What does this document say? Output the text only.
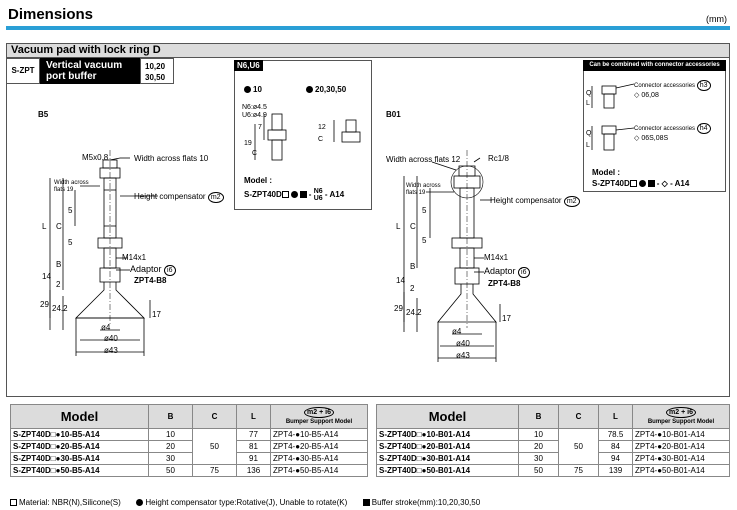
Dimensions	(mm)
Vacuum pad with lock ring D
S-ZPT	Vertical vacuum
port buffer
10,20
30,50
B5
M5x0.8	Width across flats 10
Width across
flats 19
Height compensator m2
M14x1
Adaptor i6
ZPT4-B8
L C
5
5
B
14
2
29 24.2
17
ø4
ø40
ø43
N6,U6
10	20,30,50
N6:ø4.5
U6:ø4.9
7
19
C
C
12
Model :
S-ZPT40D	- N6
U6 - A14
B01
Rc1/8
Width across flats 12
Width across
flats 19
Height compensator m2
M14x1
Adaptor i6
ZPT4-B8
L C
5
5
B
14
2
29 24.2
17
ø4
ø40
ø43
Can be combined with connector accessories
Q
L
Q
L
Connector accessories h3
◇ 06,08
Connector accessories h4
◇ 06S,08S
Model :
S-ZPT40D	- ◇ - A14
Model	B	C	L	m2 + i6
Bumper Support Model
S-ZPT40D□●10-B5-A14	10	50	77	ZPT4-●10-B5-A14
S-ZPT40D□●20-B5-A14	20		81	ZPT4-●20-B5-A14
S-ZPT40D□●30-B5-A14	30		91	ZPT4-●30-B5-A14
S-ZPT40D□●50-B5-A14	50	75	136	ZPT4-●50-B5-A14
Model	B	C	L	m2 + i6
Bumper Support Model
S-ZPT40D□●10-B01-A14	10	50	78.5	ZPT4-●10-B01-A14
S-ZPT40D□●20-B01-A14	20		84	ZPT4-●20-B01-A14
S-ZPT40D□●30-B01-A14	30		94	ZPT4-●30-B01-A14
S-ZPT40D□●50-B01-A14	50	75	139	ZPT4-●50-B01-A14
Material: NBR(N),Silicone(S)	Height compensator type:Rotative(J), Unable to rotate(K)	Buffer stroke(mm):10,20,30,50
